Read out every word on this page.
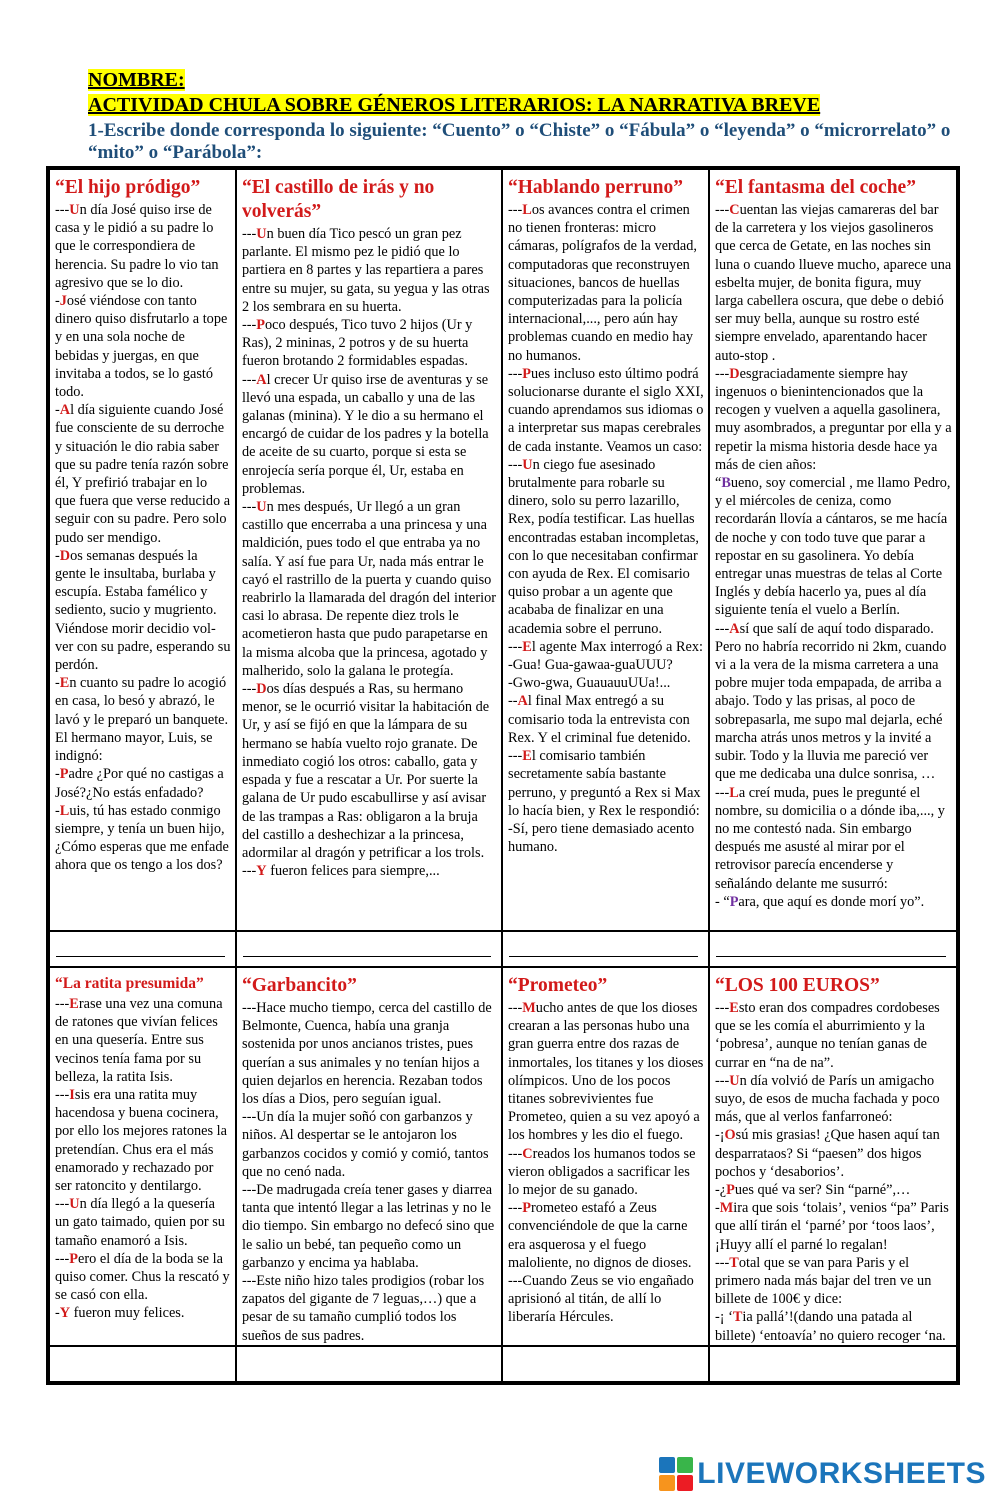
NOMBRE:
ACTIVIDAD CHULA SOBRE GÉNEROS LITERARIOS: LA NARRATIVA BREVE
1-Escribe donde corresponda lo siguiente: “Cuento” o “Chiste” o “Fábula” o “leyenda” o “microrrelato” o “mito” o “Parábola”:
“El hijo pródigo”
---Un día José quiso irse de casa y le pidió a su padre lo que le correspondiera de herencia. Su padre lo vio tan agresivo que se lo dio.
-José viéndose con tanto dinero quiso disfrutarlo a tope y en una sola noche de bebidas y juergas, en que invitaba a todos, se lo gastó todo.
-Al día siguiente cuando José fue consciente de su derroche y situación le dio rabia saber que su padre tenía razón sobre él, Y prefirió trabajar en lo que fuera que verse reducido a seguir con su padre. Pero solo pudo ser mendigo.
-Dos semanas después la gente le insultaba, burlaba y escupía. Estaba famélico y sediento, sucio y mugriento. Viéndose morir decidio vol-ver con su padre, esperando su perdón.
-En cuanto su padre lo acogió en casa, lo besó y abrazó, le lavó y le preparó un banquete. El hermano mayor, Luis, se indignó:
-Padre ¿Por qué no castigas a José?¿No estás enfadado?
-Luis, tú has estado conmigo siempre, y tenía un buen hijo, ¿Cómo esperas que me enfade ahora que os tengo a los dos?
“El castillo de irás y no volverás”
---Un buen día Tico pescó un gran pez parlante. El mismo pez le pidió que lo partiera en 8 partes y las repartiera a pares entre su mujer, su gata, su yegua y las otras 2 los sembrara en su huerta.
---Poco después, Tico tuvo 2 hijos (Ur y Ras), 2 mininas, 2 potros y de su huerta fueron brotando 2 formidables espadas.
---Al crecer Ur quiso irse de aventuras y se llevó una espada, un caballo y una de las galanas (minina). Y le dio a su hermano el encargó de cuidar de los padres y la botella de aceite de su cuarto, porque si esta se enrojecía sería porque él, Ur, estaba en problemas.
---Un mes después, Ur llegó a un gran castillo que encerraba a una princesa y una maldición, pues todo el que entraba ya no salía. Y así fue para Ur, nada más entrar le cayó el rastrillo de la puerta y cuando quiso reabrirlo la llamarada del dragón del interior casi lo abrasa. De repente diez trols le acometieron hasta que pudo parapetarse en la misma alcoba que la princesa, agotado y malherido, solo la galana le protegía.
---Dos días después a Ras, su hermano menor, se le ocurrió visitar la habitación de Ur, y así se fijó en que la lámpara de su hermano se había vuelto rojo granate. De inmediato cogió los otros: caballo, gata y espada y fue a rescatar a Ur. Por suerte la galana de Ur pudo escabullirse y así avisar de las trampas a Ras: obligaron a la bruja del castillo a deshechizar a la princesa, adormilar al dragón y petrificar a los trols.
---Y fueron felices para siempre,...
“Hablando perruno”
---Los avances contra el crimen no tienen fronteras: micro cámaras, polígrafos de la verdad, computadoras que reconstruyen situaciones, bancos de huellas computerizadas para la policía internacional,..., pero aún hay problemas cuando en medio hay no humanos.
---Pues incluso esto último podrá solucionarse durante el siglo XXI, cuando aprendamos sus idiomas o a interpretar sus mapas cerebrales de cada instante. Veamos un caso:
---Un ciego fue asesinado brutalmente para robarle su dinero, solo su perro lazarillo, Rex, podía testificar. Las huellas encontradas estaban incompletas, con lo que necesitaban confirmar con ayuda de Rex. El comisario quiso probar a un agente que acababa de finalizar en una academia sobre el perruno.
---El agente Max interrogó a Rex:
-Gua! Gua-gawaa-guaUUU?
-Gwo-gwa, GuauauuUUa!...
--Al final Max entregó a su comisario toda la entrevista con Rex. Y el criminal fue detenido.
---El comisario también secretamente sabía bastante perruno, y preguntó a Rex si Max lo hacía bien, y Rex le respondió:
-Sí, pero tiene demasiado acento humano.
“El fantasma del coche”
---Cuentan las viejas camareras del bar de la carretera y los viejos gasolineros que cerca de Getate, en las noches sin luna o cuando llueve mucho, aparece una esbelta mujer, de bonita figura, muy larga cabellera oscura, que debe o debió ser muy bella, aunque su rostro esté siempre envelado, aparentando hacer auto-stop .
---Desgraciadamente siempre hay ingenuos o bienintencionados que la recogen y vuelven a aquella gasolinera, muy asombrados, a preguntar por ella y a repetir la misma historia desde hace ya más de cien años:
“Bueno, soy comercial , me llamo Pedro, y el miércoles de ceniza, como recordarán llovía a cántaros, se me hacía de noche y con todo tuve que parar a repostar en su gasolinera. Yo debía entregar unas muestras de telas al Corte Inglés y debía hacerlo ya, pues al día siguiente tenía el vuelo a Berlín.
---Así que salí de aquí todo disparado. Pero no habría recorrido ni 2km, cuando vi a la vera de la misma carretera a una pobre mujer toda empapada, de arriba a abajo. Todo y las prisas, al poco de sobrepasarla, me supo mal dejarla, eché marcha atrás unos metros y la invité a subir. Todo y la lluvia me pareció ver que me dedicaba una dulce sonrisa, …
---La creí muda, pues le pregunté el nombre, su domicilia o a dónde iba,..., y no me contestó nada. Sin embargo después me asusté al mirar por el retrovisor parecía encenderse y señalándo delante me susurró:
- “Para, que aquí es donde morí yo”.
“La ratita presumida”
---Erase una vez una comuna de ratones que vivían felices en una quesería. Entre sus vecinos tenía fama por su belleza, la ratita Isis.
---Isis era una ratita muy hacendosa y buena cocinera, por ello los mejores ratones la pretendían. Chus era el más enamorado y rechazado por ser ratoncito y dentilargo.
---Un día llegó a la quesería un gato taimado, quien por su tamaño enamoró a Isis.
---Pero el día de la boda se la quiso comer. Chus la rescató y se casó con ella.
-Y fueron muy felices.
“Garbancito”
---Hace mucho tiempo, cerca del castillo de Belmonte, Cuenca, había una granja sostenida por unos ancianos tristes, pues querían a sus animales y no tenían hijos a quien dejarlos en herencia. Rezaban todos los días a Dios, pero seguían igual.
---Un día la mujer soñó con garbanzos y niños. Al despertar se le antojaron los garbanzos cocidos y comió y comió, tantos que no cenó nada.
---De madrugada creía tener gases y diarrea tanta que intentó llegar a las letrinas y no le dio tiempo. Sin embargo no defecó sino que le salio un bebé, tan pequeño como un garbanzo y encima ya hablaba.
---Este niño hizo tales prodigios (robar los zapatos del gigante de 7 leguas,…) que a pesar de su tamaño cumplió todos los sueños de sus padres.
“Prometeo”
---Mucho antes de que los dioses crearan a las personas hubo una gran guerra entre dos razas de inmortales, los titanes y los dioses olímpicos. Uno de los pocos titanes sobrevivientes fue Prometeo, quien a su vez apoyó a los hombres y les dio el fuego.
---Creados los humanos todos se vieron obligados a sacrificar les lo mejor de su ganado.
---Prometeo estafó a Zeus convenciéndole de que la carne era asquerosa y el fuego maloliente, no dignos de dioses.
---Cuando Zeus se vio engañado aprisionó al titán, de allí lo liberaría Hércules.
“LOS 100 EUROS”
---Esto eran dos compadres cordobeses que se les comía el aburrimiento y la ‘pobresa’, aunque no tenían ganas de currar en “na de na”.
---Un día volvió de París un amigacho suyo, de esos de mucha fachada y poco más, que al verlos fanfarroneó:
-¡Osú mis grasias! ¿Que hasen aquí tan desparrataos? Si “paesen” dos higos pochos y ‘desaborios’.
-¿Pues qué va ser? Sin “parné”,…
-Mira que sois ‘tolais’, venios “pa” Paris que allí tirán el ‘parné’ por ‘toos laos’, ¡Huyy allí el parné lo regalan!
---Total que se van para Paris y el primero nada más bajar del tren ve un billete de 100€ y dice:
-¡ ‘Tia pallá’!(dando una patada al billete) ‘entoavía’ no quiero recoger ‘na.
LIVEWORKSHEETS
